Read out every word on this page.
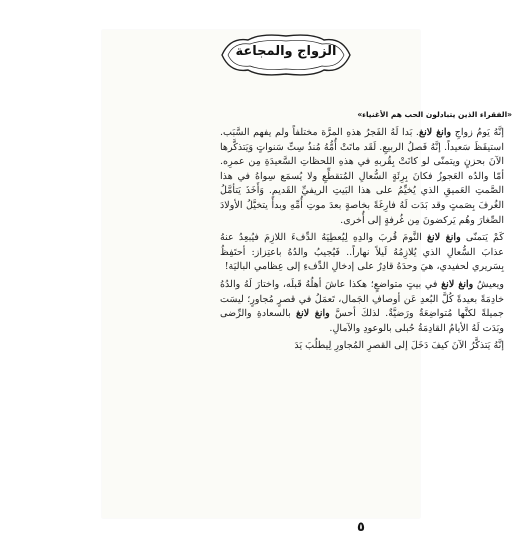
الزواج والمجاعة
«الفقراء الذين يتبادلون الحب هم الأغنياء»

إنَّهُ يَومُ زواجِ وانغ لانغ. بَدا لَهُ الفَجرُ هذهِ المرَّة مختلفاً ولم يفهم السَّبَب. استيقَظَ سَعيداً. إنَّهُ فَصلُ الربيعِ. لَقَد ماتَتْ أُمُّهُ مُنذُ سِتِّ سَنواتٍ وَيَتذكَّرها الآنَ بحزنٍ ويتمنّى لو كانَتْ بِقُربهِ في هذهِ اللحظاتِ السَّعيدَةِ مِن عمرِه. أمّا والدُه العَجوزُ فكانَ بِرِئَةٍ السُّعالِ المُتقطِّعِ ولا يُسمَع سِواهُ في هذا الصَّمتِ العَميقِ الذي يُخيِّمُ على هذا البَيتِ الريفيِّ القَديمِ. وَأَخَذَ يَتأمَّلُ الغُرفَ بِصَمتٍ وقد بَدَت لَهُ فارِغَةً بخاصةٍ بعدَ موتِ أُمِّهِ وبدأَ يتخيَّلُ الأولادَ الصِّغارَ وهُم يَركضونَ مِن غُرفةٍ إلى أُخرى.

كَمْ يَتمنّى وانغ لانغ النَّومَ قُربَ والدِهِ لِيُعطِيَهُ الدِّفءَ اللازِمَ فيُبعِدُ عنهُ عذابَ السُّعالِ الذي يُلازِمُهُ لَيلاً نهاراً.. فَيُجيبُ والدُهُ باعتِزاز: أحتَفِظُ بِسَريري لحفيدي، هيَ وحدَهُ قادِرٌ على إدخالِ الدِّفءِ إلى عِظامي الباليَة!

ويعيشُ وانغ لانغ في بيتٍ متواضعٍ؛ هكذا عاشَ أهلُهُ قَبلَه، واختارَ لَهُ والدُهُ خادِمَةً بعيدةً كُلَّ البُعدِ عَن أوصافِ الجَمال، تَعمَلُ في قصرٍ مُجاورٍ؛ ليسَت جميلةً لكنَّها مُتواضِعَةٌ ورَضيَّةٌ. لذلكَ أحسَّ وانغ لانغ بالسعادةِ والرِّضى وبَدَت لَهُ الأيامُ القادِمَةُ حُبلى بالوعودِ والآمالِ.

إنَّهُ يَتذكَّرُ الآنَ كيفَ دَخَلَ إلى القصرِ المُجاورِ لِيطلُبَ يَدَ

٥
